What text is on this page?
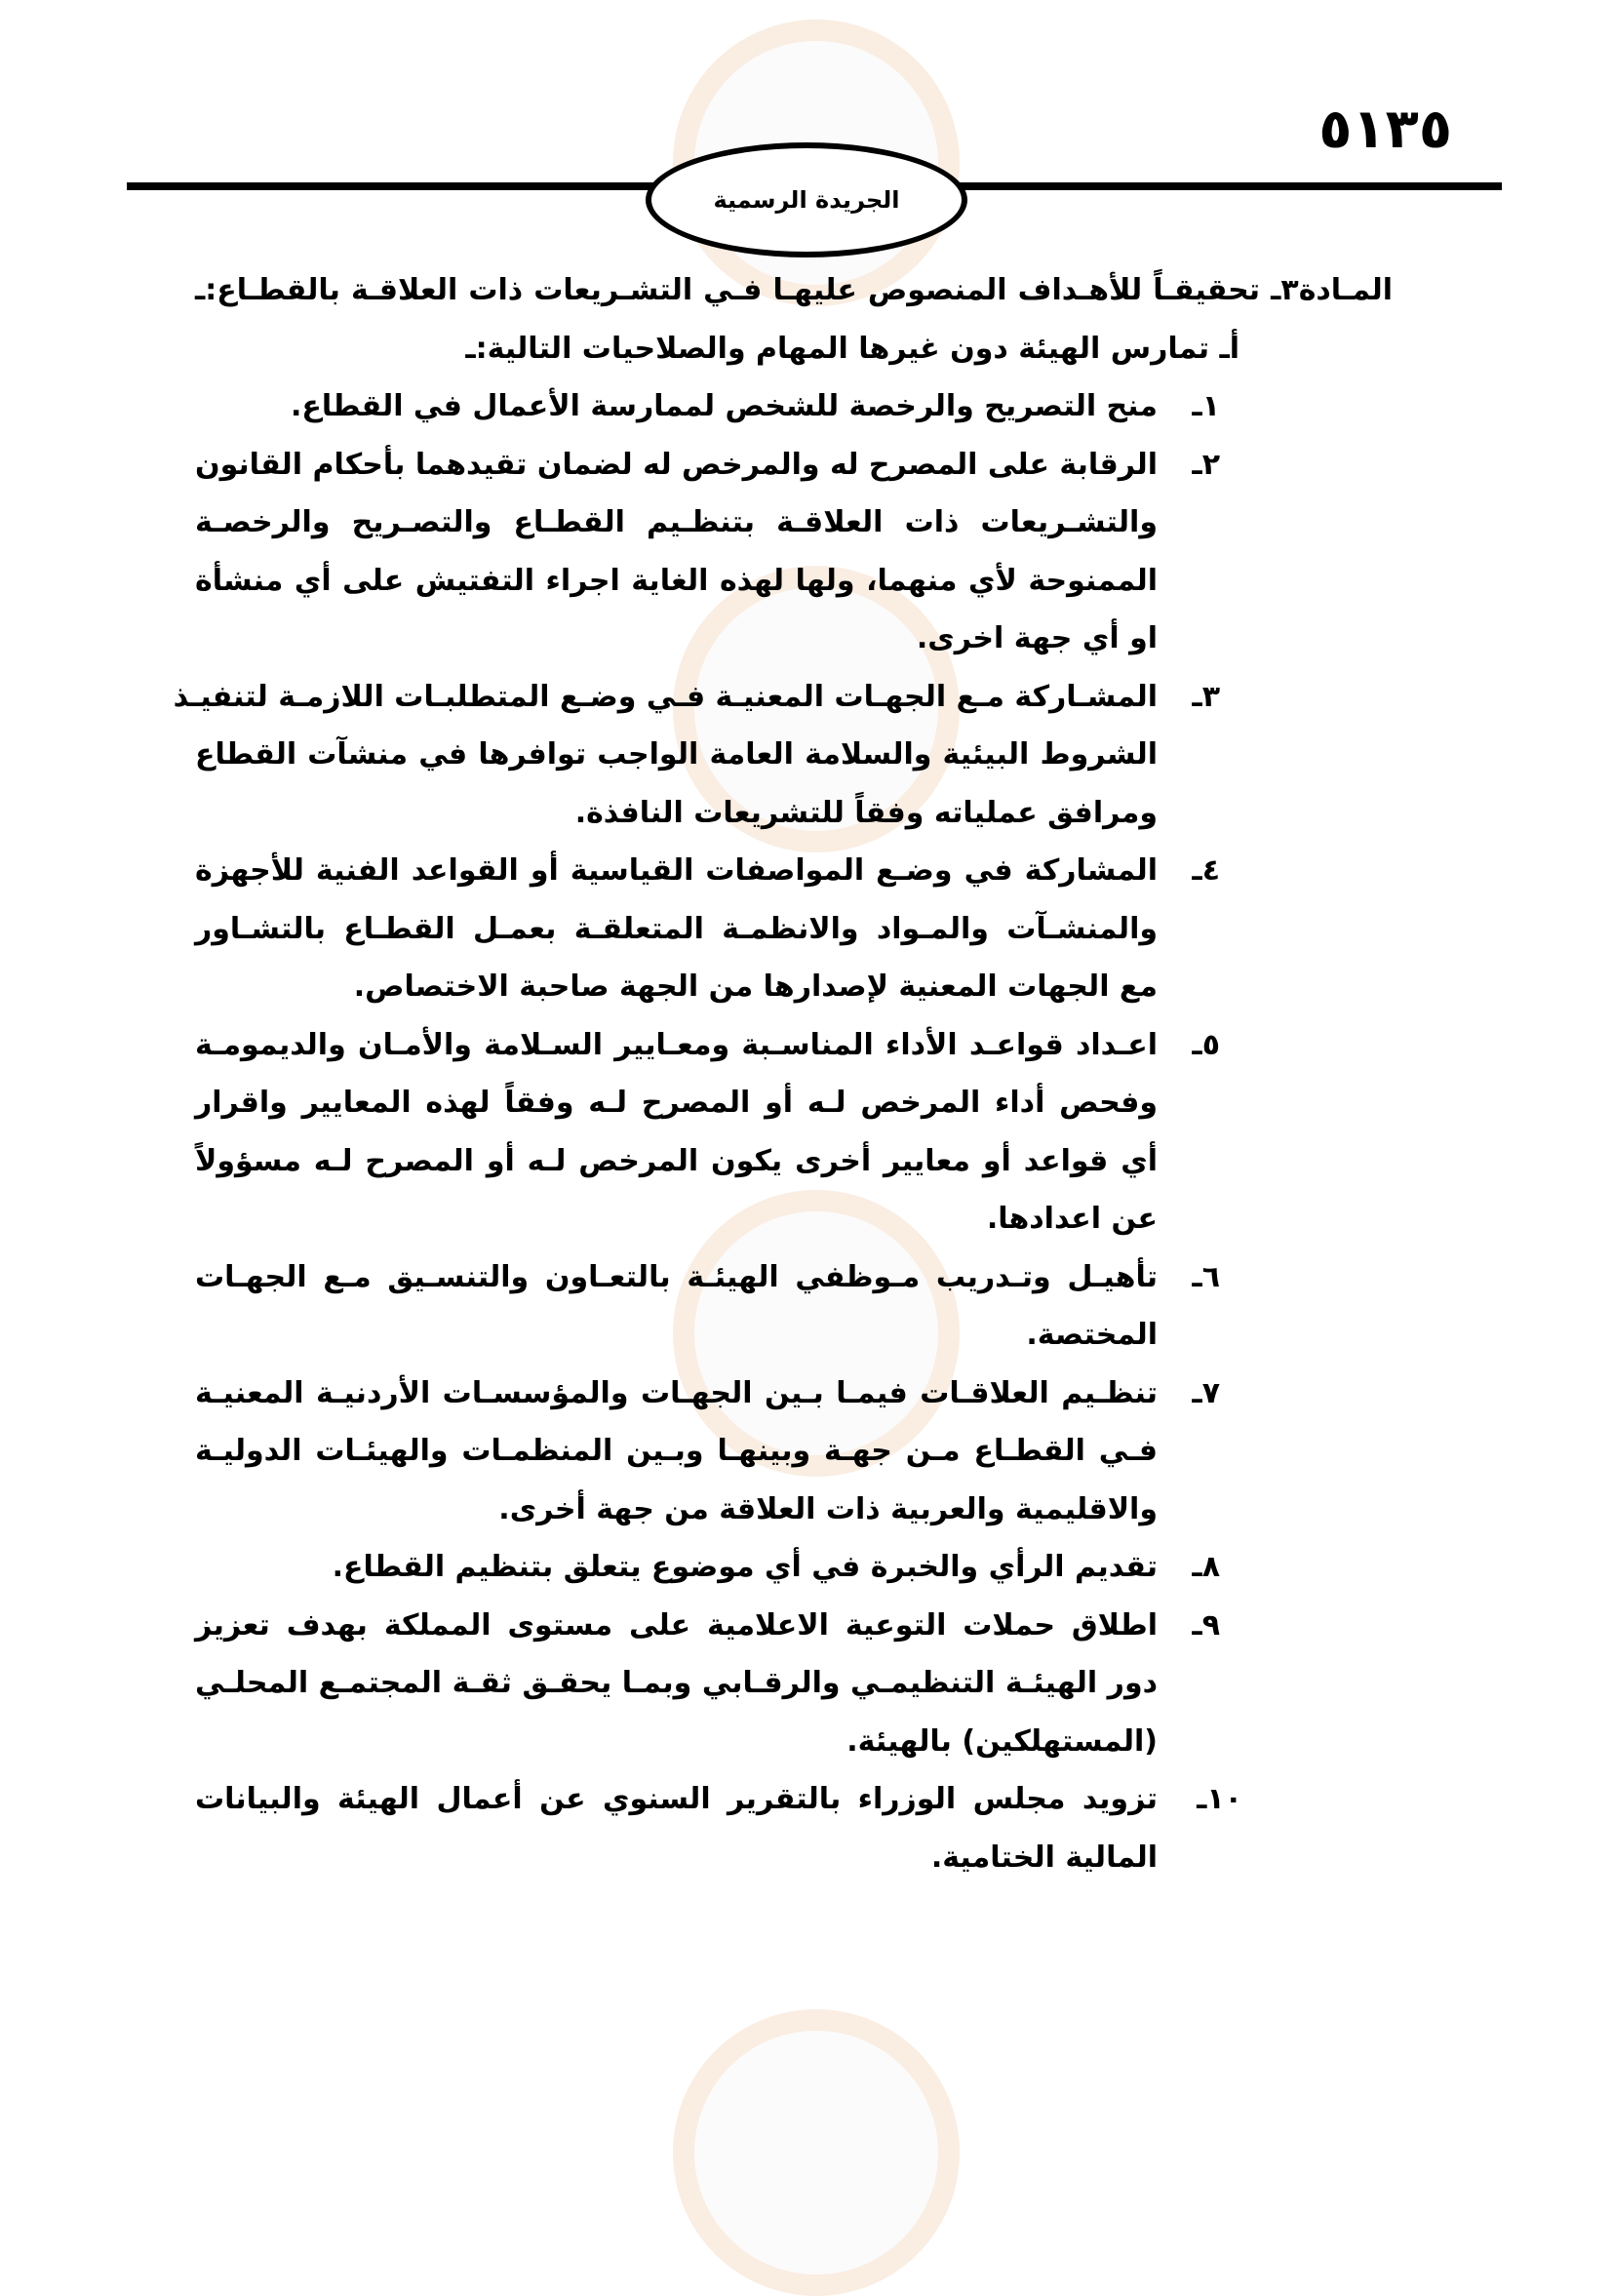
٥١٣٥
الجريدة الرسمية
المـادة٣ـ تحقيقـاً للأهـداف المنصوص عليهـا فـي التشـريعات ذات العلاقـة بالقطـاع:ـ
أـ تمارس الهيئة دون غيرها المهام والصلاحيات التالية:ـ
١ـ
منح التصريح والرخصة للشخص لممارسة الأعمال في القطاع.
٢ـ
الرقابة على المصرح له والمرخص له لضمان تقيدهما بأحكام القانون
والتشـريعات ذات العلاقـة بتنظـيم القطـاع والتصـريح والرخصـة
الممنوحة لأي منهما، ولها لهذه الغاية اجراء التفتيش على أي منشأة
او أي جهة اخرى.
٣ـ
المشـاركة مـع الجهـات المعنيـة فـي وضـع المتطلبـات اللازمـة لتنفيـذ
الشروط البيئية والسلامة العامة الواجب توافرها في منشآت القطاع
ومرافق عملياته وفقاً للتشريعات النافذة.
٤ـ
المشاركة في وضـع المواصفات القياسية أو القواعد الفنية للأجهزة
والمنشـآت والمـواد والانظمـة المتعلقـة بعمـل القطـاع بالتشـاور
مع الجهات المعنية لإصدارها من الجهة صاحبة الاختصاص.
٥ـ
اعـداد قواعـد الأداء المناسـبة ومعـايير السـلامة والأمـان والديمومـة
وفحص أداء المرخص لـه أو المصرح لـه وفقاً لهذه المعايير واقرار
أي قواعد أو معايير أخرى يكون المرخص لـه أو المصرح لـه مسؤولاً
عن اعدادها.
٦ـ
تأهيـل وتـدريب مـوظفي الهيئـة بالتعـاون والتنسـيق مـع الجهـات
المختصة.
٧ـ
تنظـيم العلاقـات فيمـا بـين الجهـات والمؤسسـات الأردنيـة المعنيـة
فـي القطـاع مـن جهـة وبينهـا وبـين المنظمـات والهيئـات الدوليـة
والاقليمية والعربية ذات العلاقة من جهة أخرى.
٨ـ
تقديم الرأي والخبرة في أي موضوع يتعلق بتنظيم القطاع.
٩ـ
اطلاق حملات التوعية الاعلامية على مستوى المملكة بهدف تعزيز
دور الهيئـة التنظيمـي والرقـابي وبمـا يحقـق ثقـة المجتمـع المحلـي
(المستهلكين) بالهيئة.
١٠ـ
تزويد مجلس الوزراء بالتقرير السنوي عن أعمال الهيئة والبيانات
المالية الختامية.
